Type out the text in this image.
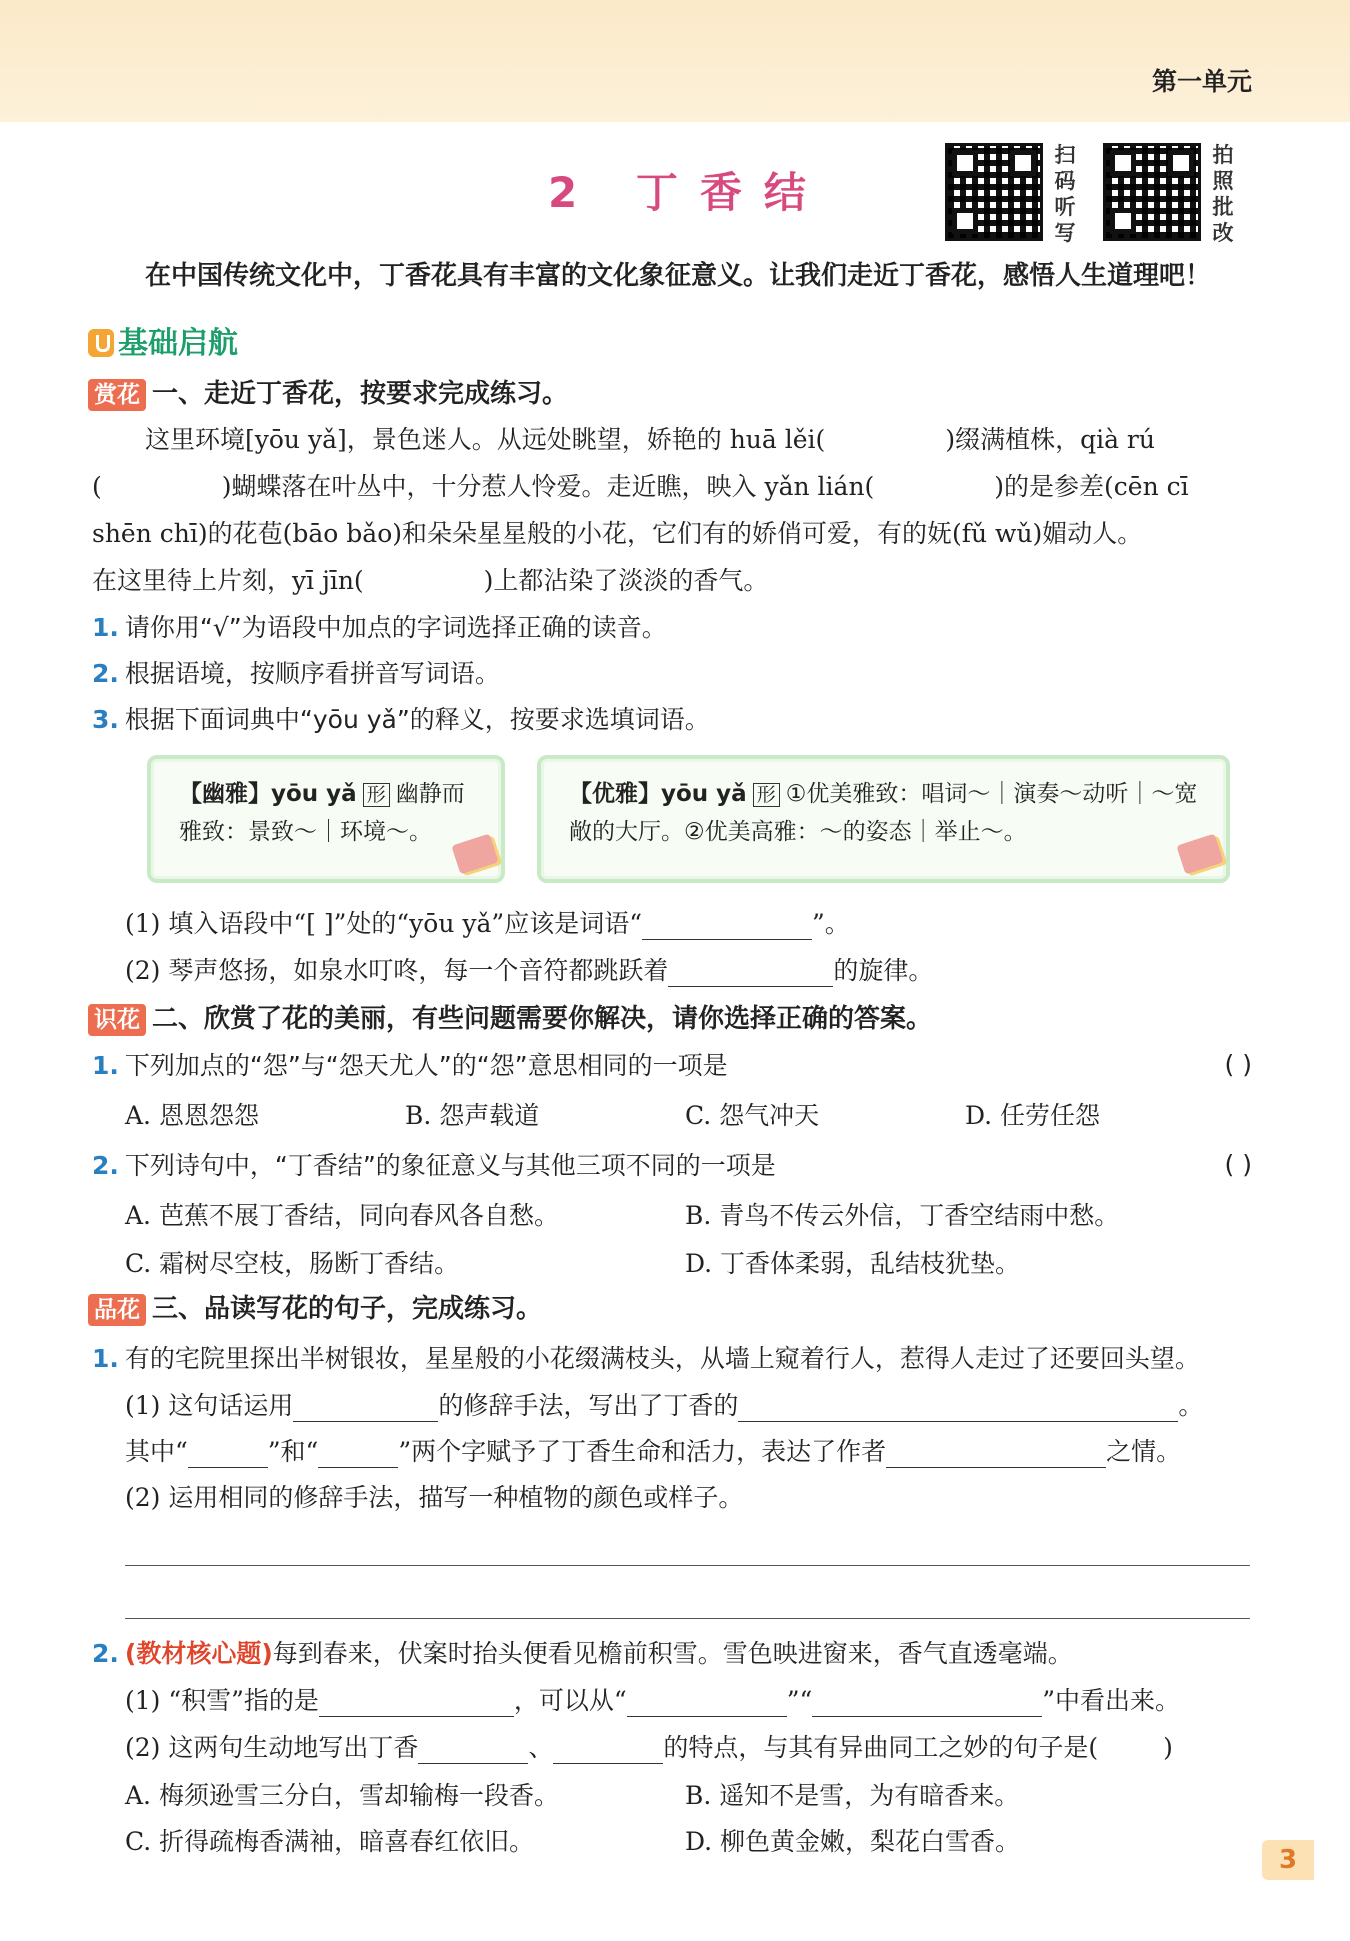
第一单元
2 丁香结
扫码听写
拍照批改
在中国传统文化中，丁香花具有丰富的文化象征意义。让我们走近丁香花，感悟人生道理吧！
基础启航
赏花 一、走近丁香花，按要求完成练习。
这里环境[yōu yǎ]，景色迷人。从远处眺望，娇艳的 huā lěi(	)缀满植株，qià rú
(	)蝴蝶落在叶丛中，十分惹人怜爱。走近瞧，映入 yǎn lián(	)的是参差(cēn cī
shēn chī)的花苞(bāo bǎo)和朵朵星星般的小花，它们有的娇俏可爱，有的妩(fǔ wǔ)媚动人。
在这里待上片刻，yī jīn(	)上都沾染了淡淡的香气。
1. 请你用“√”为语段中加点的字词选择正确的读音。
2. 根据语境，按顺序看拼音写词语。
3. 根据下面词典中“yōu yǎ”的释义，按要求选填词语。
【幽雅】yōu yǎ 形 幽静而雅致：景致～｜环境～。
【优雅】yōu yǎ 形 ①优美雅致：唱词～｜演奏～动听｜～宽敞的大厅。②优美高雅：～的姿态｜举止～。
(1) 填入语段中“[ ]”处的“yōu yǎ”应该是词语“	”。
(2) 琴声悠扬，如泉水叮咚，每一个音符都跳跃着	的旋律。
识花 二、欣赏了花的美丽，有些问题需要你解决，请你选择正确的答案。
1. 下列加点的“怨”与“怨天尤人”的“怨”意思相同的一项是	( )
A. 恩恩怨怨	B. 怨声载道	C. 怨气冲天	D. 任劳任怨
2. 下列诗句中，“丁香结”的象征意义与其他三项不同的一项是	( )
A. 芭蕉不展丁香结，同向春风各自愁。	B. 青鸟不传云外信，丁香空结雨中愁。
C. 霜树尽空枝，肠断丁香结。	D. 丁香体柔弱，乱结枝犹垫。
品花 三、品读写花的句子，完成练习。
1. 有的宅院里探出半树银妆，星星般的小花缀满枝头，从墙上窥着行人，惹得人走过了还要回头望。
(1) 这句话运用	的修辞手法，写出了丁香的	。
其中“	”和“	”两个字赋予了丁香生命和活力，表达了作者	之情。
(2) 运用相同的修辞手法，描写一种植物的颜色或样子。
2. (教材核心题)每到春来，伏案时抬头便看见檐前积雪。雪色映进窗来，香气直透毫端。
(1) “积雪”指的是	，可以从“	”“	”中看出来。
(2) 这两句生动地写出丁香	、	的特点，与其有异曲同工之妙的句子是(	)
A. 梅须逊雪三分白，雪却输梅一段香。	B. 遥知不是雪，为有暗香来。
C. 折得疏梅香满袖，暗喜春红依旧。	D. 柳色黄金嫩，梨花白雪香。
3
